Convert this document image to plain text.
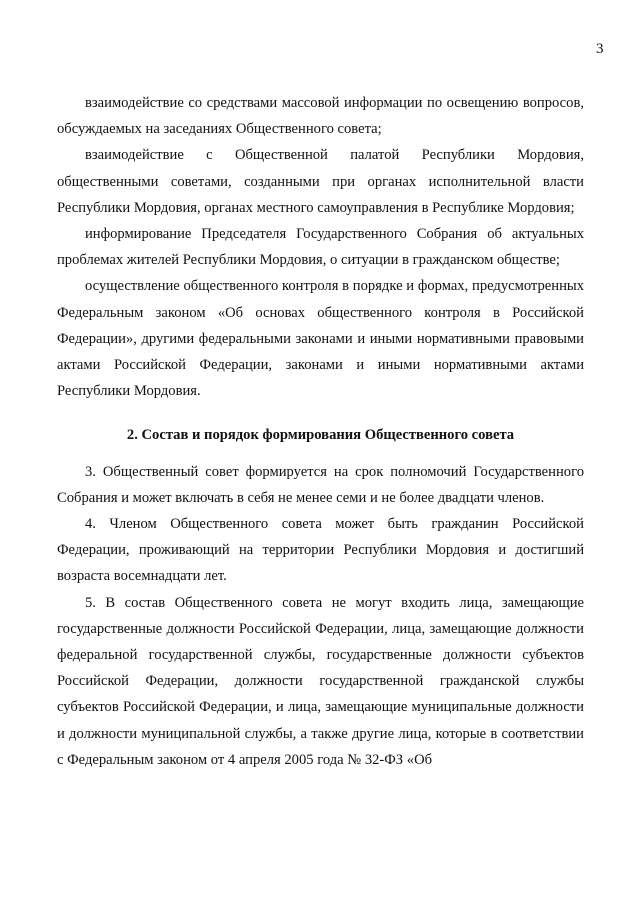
3

взаимодействие со средствами массовой информации по освещению вопросов, обсуждаемых на заседаниях Общественного совета;

взаимодействие с Общественной палатой Республики Мордовия, общественными советами, созданными при органах исполнительной власти Республики Мордовия, органах местного самоуправления в Республике Мордовия;

информирование Председателя Государственного Собрания об актуальных проблемах жителей Республики Мордовия, о ситуации в гражданском обществе;

осуществление общественного контроля в порядке и формах, предусмотренных Федеральным законом «Об основах общественного контроля в Российской Федерации», другими федеральными законами и иными нормативными правовыми актами Российской Федерации, законами и иными нормативными актами Республики Мордовия.

2. Состав и порядок формирования Общественного совета

3. Общественный совет формируется на срок полномочий Государственного Собрания и может включать в себя не менее семи и не более двадцати членов.

4. Членом Общественного совета может быть гражданин Российской Федерации, проживающий на территории Республики Мордовия и достигший возраста восемнадцати лет.

5. В состав Общественного совета не могут входить лица, замещающие государственные должности Российской Федерации, лица, замещающие должности федеральной государственной службы, государственные должности субъектов Российской Федерации, должности государственной гражданской службы субъектов Российской Федерации, и лица, замещающие муниципальные должности и должности муниципальной службы, а также другие лица, которые в соответствии с Федеральным законом от 4 апреля 2005 года № 32-ФЗ «Об
